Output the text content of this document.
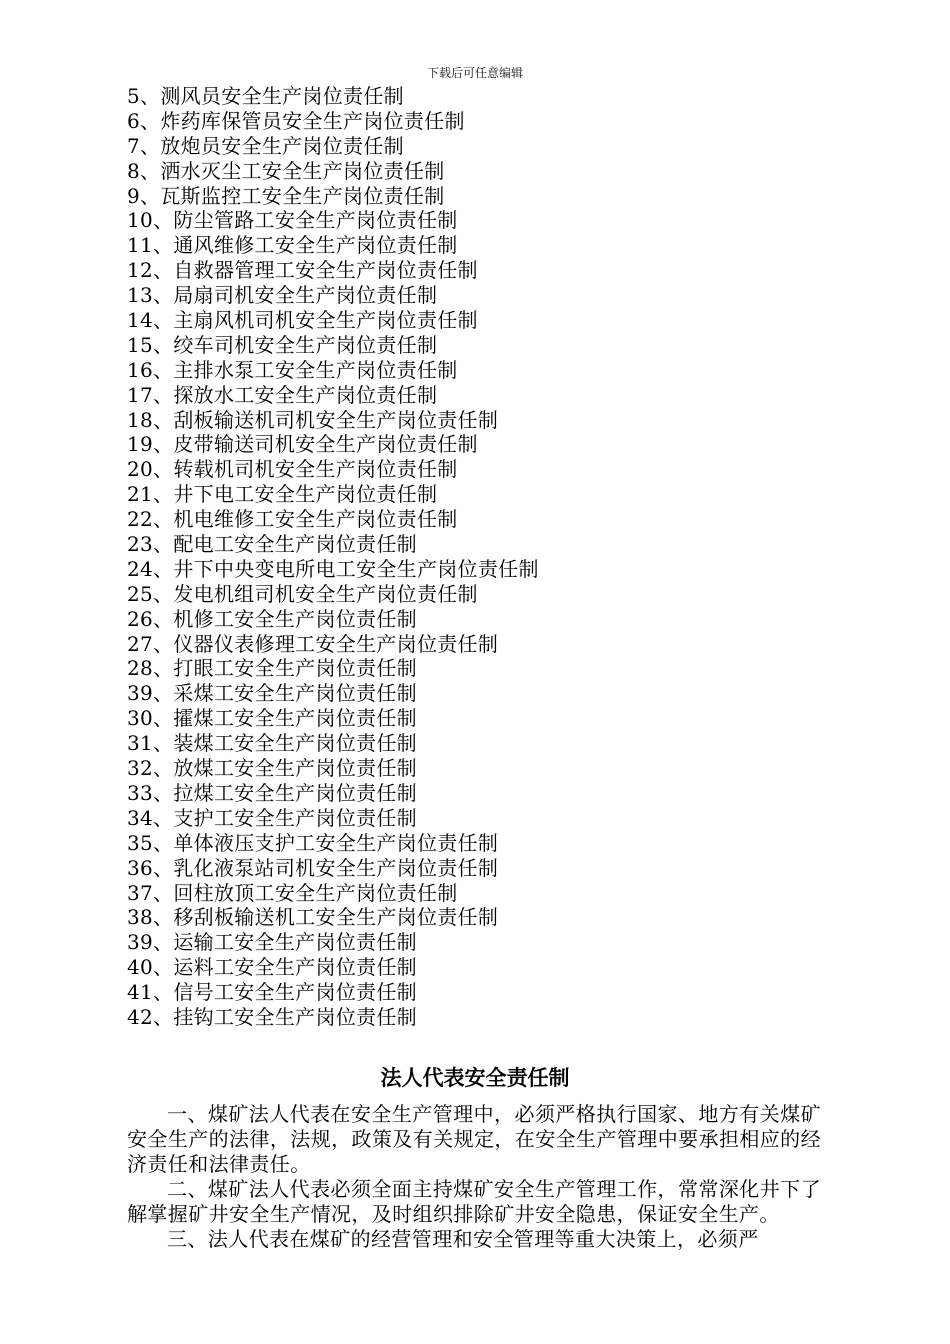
下载后可任意编辑
5、测风员安全生产岗位责任制
6、炸药库保管员安全生产岗位责任制
7、放炮员安全生产岗位责任制
8、洒水灭尘工安全生产岗位责任制
9、瓦斯监控工安全生产岗位责任制
10、防尘管路工安全生产岗位责任制
11、通风维修工安全生产岗位责任制
12、自救器管理工安全生产岗位责任制
13、局扇司机安全生产岗位责任制
14、主扇风机司机安全生产岗位责任制
15、绞车司机安全生产岗位责任制
16、主排水泵工安全生产岗位责任制
17、探放水工安全生产岗位责任制
18、刮板输送机司机安全生产岗位责任制
19、皮带输送司机安全生产岗位责任制
20、转载机司机安全生产岗位责任制
21、井下电工安全生产岗位责任制
22、机电维修工安全生产岗位责任制
23、配电工安全生产岗位责任制
24、井下中央变电所电工安全生产岗位责任制
25、发电机组司机安全生产岗位责任制
26、机修工安全生产岗位责任制
27、仪器仪表修理工安全生产岗位责任制
28、打眼工安全生产岗位责任制
39、采煤工安全生产岗位责任制
30、攉煤工安全生产岗位责任制
31、装煤工安全生产岗位责任制
32、放煤工安全生产岗位责任制
33、拉煤工安全生产岗位责任制
34、支护工安全生产岗位责任制
35、单体液压支护工安全生产岗位责任制
36、乳化液泵站司机安全生产岗位责任制
37、回柱放顶工安全生产岗位责任制
38、移刮板输送机工安全生产岗位责任制
39、运输工安全生产岗位责任制
40、运料工安全生产岗位责任制
41、信号工安全生产岗位责任制
42、挂钩工安全生产岗位责任制
法人代表安全责任制

一、煤矿法人代表在安全生产管理中，必须严格执行国家、地方有关煤矿安全生产的法律，法规，政策及有关规定，在安全生产管理中要承担相应的经济责任和法律责任。

二、煤矿法人代表必须全面主持煤矿安全生产管理工作，常常深化井下了解掌握矿井安全生产情况，及时组织排除矿井安全隐患，保证安全生产。

三、法人代表在煤矿的经营管理和安全管理等重大决策上，必须严
